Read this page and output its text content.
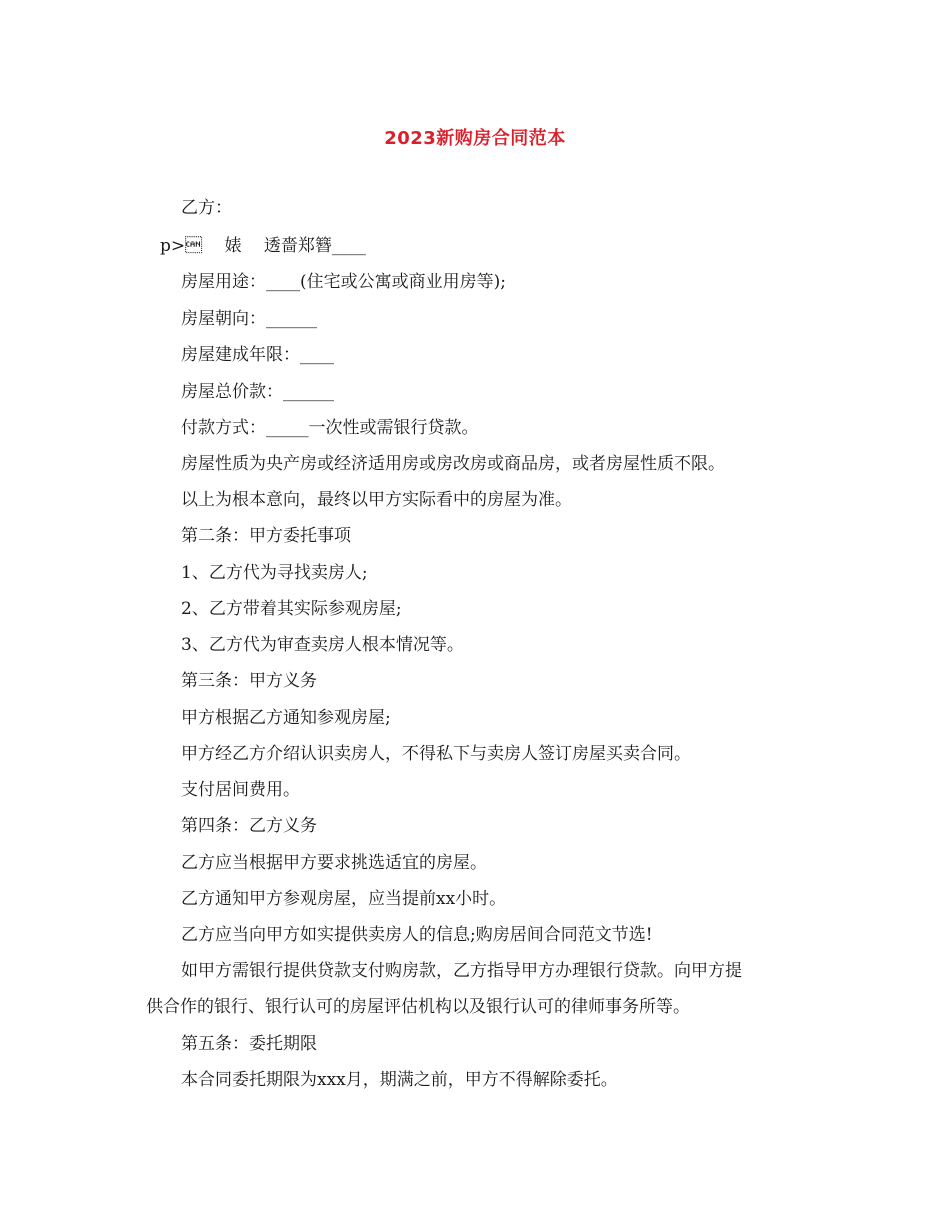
2023新购房合同范本
乙方：
p>　 婊　 透嗇郑簪____
房屋用途：____(住宅或公寓或商业用房等);
房屋朝向：______
房屋建成年限：____
房屋总价款：______
付款方式：_____一次性或需银行贷款。
房屋性质为央产房或经济适用房或房改房或商品房，或者房屋性质不限。
以上为根本意向，最终以甲方实际看中的房屋为准。
第二条：甲方委托事项
1、乙方代为寻找卖房人;
2、乙方带着其实际参观房屋;
3、乙方代为审查卖房人根本情况等。
第三条：甲方义务
甲方根据乙方通知参观房屋;
甲方经乙方介绍认识卖房人，不得私下与卖房人签订房屋买卖合同。
支付居间费用。
第四条：乙方义务
乙方应当根据甲方要求挑选适宜的房屋。
乙方通知甲方参观房屋，应当提前xx小时。
乙方应当向甲方如实提供卖房人的信息;购房居间合同范文节选!
如甲方需银行提供贷款支付购房款，乙方指导甲方办理银行贷款。向甲方提
供合作的银行、银行认可的房屋评估机构以及银行认可的律师事务所等。
第五条：委托期限
本合同委托期限为xxx月，期满之前，甲方不得解除委托。
